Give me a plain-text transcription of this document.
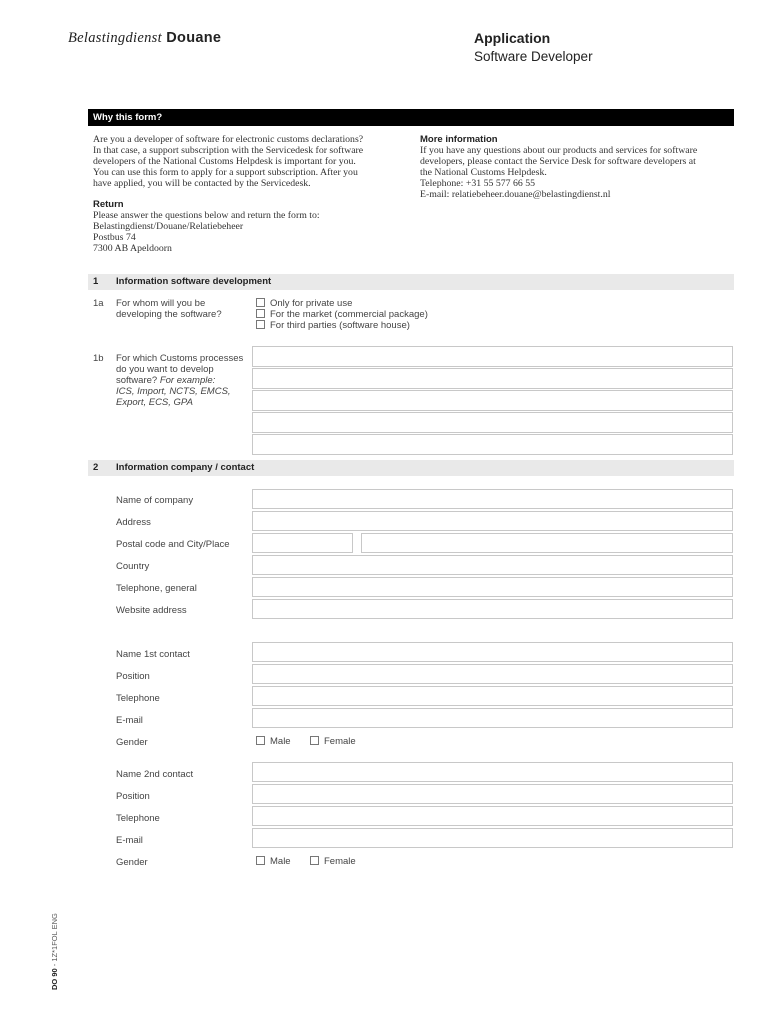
Belastingdienst Douane	Application
Software Developer
Why this form?
Are you a developer of software for electronic customs declarations?
In that case, a support subscription with the Servicedesk for software
developers of the National Customs Helpdesk is important for you.
You can use this form to apply for a support subscription. After you
have applied, you will be contacted by the Servicedesk.
More information
If you have any questions about our products and services for software
developers, please contact the Service Desk for software developers at
the National Customs Helpdesk.
Telephone: +31 55 577 66 55
E-mail: relatiebeheer.douane@belastingdienst.nl
Return
Please answer the questions below and return the form to:
Belastingdienst/Douane/Relatiebeheer
Postbus 74
7300 AB Apeldoorn
1 Information software development
1a For whom will you be
developing the software?
Only for private use
For the market (commercial package)
For third parties (software house)
1b For which Customs processes
do you want to develop
software? For example:
ICS, Import, NCTS, EMCS,
Export, ECS, GPA
2 Information company / contact
Name of company
Address
Postal code and City/Place
Country
Telephone, general
Website address
Name 1st contact
Position
Telephone
E-mail
Gender	Male	Female
Name 2nd contact
Position
Telephone
E-mail
Gender	Male	Female
DO 90 - 1Z*1FOL ENG
